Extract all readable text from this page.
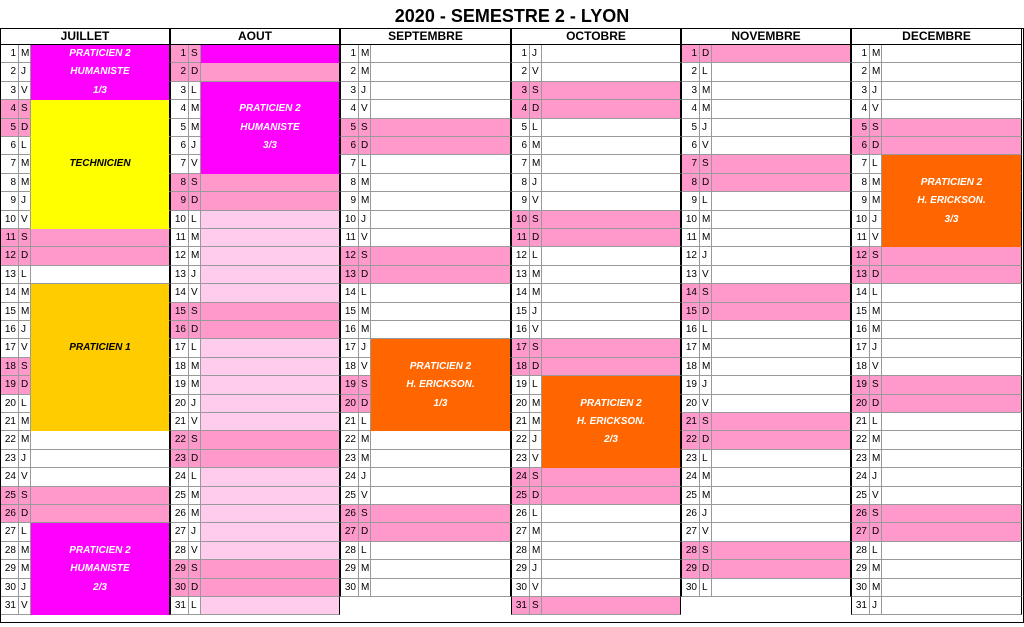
2020 - SEMESTRE 2 - LYON
JUILLET
1 M
2 J
3 V
4 S
5 D
6 L
7 M
8 M
9 J
10 V
11 S
12 D
13 L
14 M
15 M
16 J
17 V
18 S
19 D
20 L
21 M
22 M
23 J
24 V
25 S
26 D
27 L
28 M
29 M
30 J
31 V
AOUT
1 S
2 D
3 L
4 M
5 M
6 J
7 V
8 S
9 D
10 L
11 M
12 M
13 J
14 V
15 S
16 D
17 L
18 M
19 M
20 J
21 V
22 S
23 D
24 L
25 M
26 M
27 J
28 V
29 S
30 D
31 L
SEPTEMBRE
1 M
2 M
3 J
4 V
5 S
6 D
7 L
8 M
9 M
10 J
11 V
12 S
13 D
14 L
15 M
16 M
17 J
18 V
19 S
20 D
21 L
22 M
23 M
24 J
25 V
26 S
27 D
28 L
29 M
30 M
OCTOBRE
1 J
2 V
3 S
4 D
5 L
6 M
7 M
8 J
9 V
10 S
11 D
12 L
13 M
14 M
15 J
16 V
17 S
18 D
19 L
20 M
21 M
22 J
23 V
24 S
25 D
26 L
27 M
28 M
29 J
30 V
31 S
NOVEMBRE
1 D
2 L
3 M
4 M
5 J
6 V
7 S
8 D
9 L
10 M
11 M
12 J
13 V
14 S
15 D
16 L
17 M
18 M
19 J
20 V
21 S
22 D
23 L
24 M
25 M
26 J
27 V
28 S
29 D
30 L
DECEMBRE
1 M
2 M
3 J
4 V
5 S
6 D
7 L
8 M
9 M
10 J
11 V
12 S
13 D
14 L
15 M
16 M
17 J
18 V
19 S
20 D
21 L
22 M
23 M
24 J
25 V
26 S
27 D
28 L
29 M
30 M
31 J
PRATICIEN 2
HUMANISTE
1/3
TECHNICIEN
PRATICIEN 1
PRATICIEN 2
HUMANISTE
2/3
PRATICIEN 2
HUMANISTE
3/3
PRATICIEN 2
H. ERICKSON.
1/3	PRATICIEN 2
H. ERICKSON.
2/3
PRATICIEN 2
H. ERICKSON.
3/3
